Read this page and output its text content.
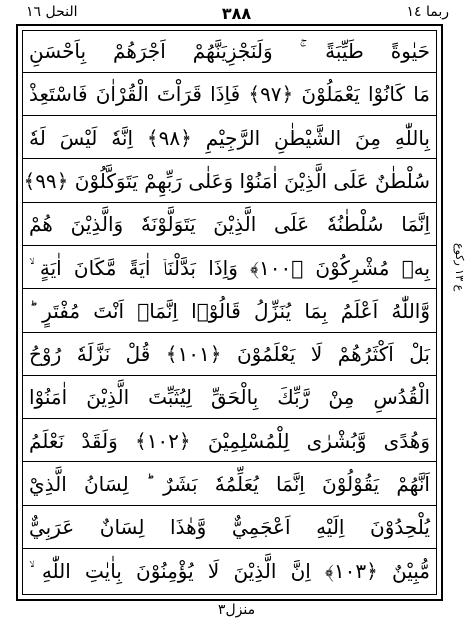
النحل ١٦	٣٨٨	ربما ١٤
حَيٰوةً طَيِّبَةً ۚ وَلَنَجْزِيَنَّهُمْ اَجْرَهُمْ بِاَحْسَنِ
مَا كَانُوْا يَعْمَلُوْنَ ﴿٩٧﴾ فَاِذَا قَرَاْتَ الْقُرْاٰنَ فَاسْتَعِذْ
بِاللّٰهِ مِنَ الشَّيْطٰنِ الرَّجِيْمِ ﴿٩٨﴾ اِنَّهٗ لَيْسَ لَهٗ
سُلْطٰنٌ عَلَى الَّذِيْنَ اٰمَنُوْا وَعَلٰى رَبِّهِمْ يَتَوَكَّلُوْنَ ﴿٩٩﴾
اِنَّمَا سُلْطٰنُهٗ عَلَى الَّذِيْنَ يَتَوَلَّوْنَهٗ وَالَّذِيْنَ هُمْ
بِهٖ مُشْرِكُوْنَ ﴿١٠٠﴾ وَاِذَا بَدَّلْنَاۤ اٰيَةً مَّكَانَ اٰيَةٍ ۙ
وَّاللّٰهُ اَعْلَمُ بِمَا يُنَزِّلُ قَالُوْۤا اِنَّمَاۤ اَنْتَ مُفْتَرٍ ؕ
بَلْ اَكْثَرُهُمْ لَا يَعْلَمُوْنَ ﴿١٠١﴾ قُلْ نَزَّلَهٗ رُوْحُ
الْقُدُسِ مِنْ رَّبِّكَ بِالْحَقِّ لِيُثَبِّتَ الَّذِيْنَ اٰمَنُوْا
وَهُدًى وَّبُشْرٰى لِلْمُسْلِمِيْنَ ﴿١٠٢﴾ وَلَقَدْ نَعْلَمُ
اَنَّهُمْ يَقُوْلُوْنَ اِنَّمَا يُعَلِّمُهٗ بَشَرٌ ؕ لِسَانُ الَّذِيْ
يُلْحِدُوْنَ اِلَيْهِ اَعْجَمِيٌّ وَّهٰذَا لِسَانٌ عَرَبِيٌّ
مُّبِيْنٌ ﴿١٠٣﴾ اِنَّ الَّذِيْنَ لَا يُؤْمِنُوْنَ بِاٰيٰتِ اللّٰهِ ۙ
ع ١٣ ركوع
منزل٣
